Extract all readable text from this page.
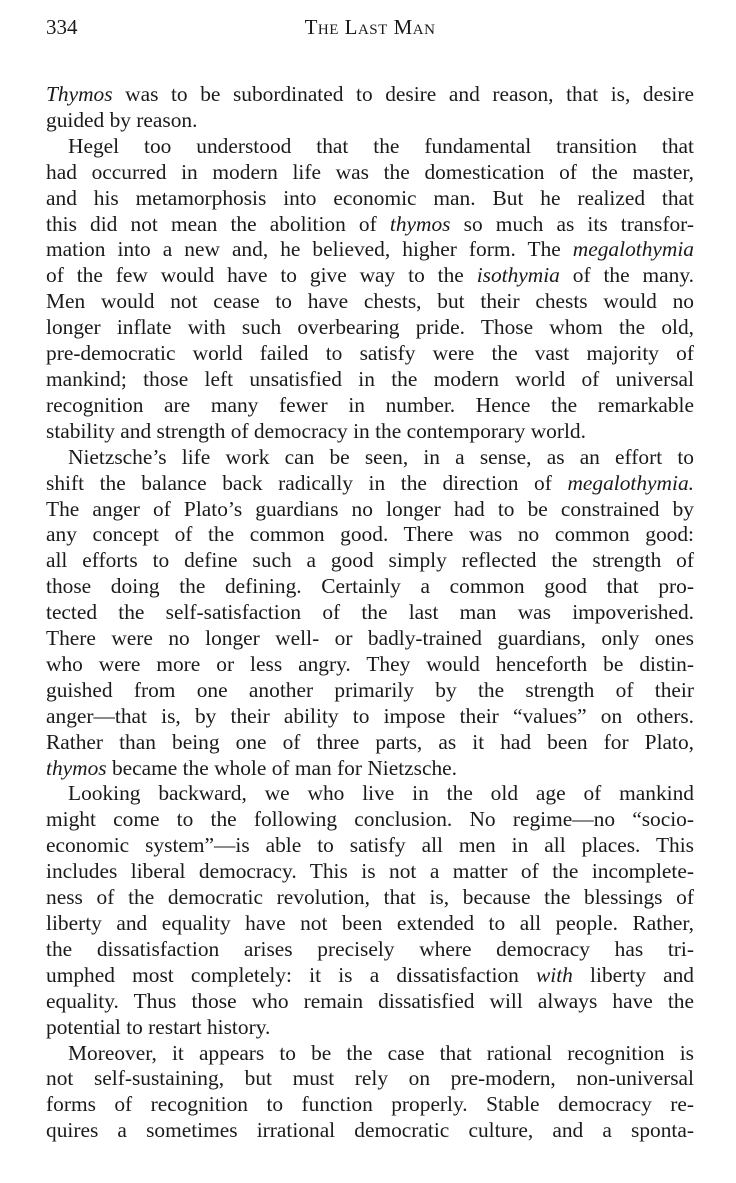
334	The Last Man
Thymos was to be subordinated to desire and reason, that is, desire
guided by reason.
Hegel too understood that the fundamental transition that
had occurred in modern life was the domestication of the master,
and his metamorphosis into economic man. But he realized that
this did not mean the abolition of thymos so much as its transfor-
mation into a new and, he believed, higher form. The megalothymia
of the few would have to give way to the isothymia of the many.
Men would not cease to have chests, but their chests would no
longer inflate with such overbearing pride. Those whom the old,
pre-democratic world failed to satisfy were the vast majority of
mankind; those left unsatisfied in the modern world of universal
recognition are many fewer in number. Hence the remarkable
stability and strength of democracy in the contemporary world.
Nietzsche’s life work can be seen, in a sense, as an effort to
shift the balance back radically in the direction of megalothymia.
The anger of Plato’s guardians no longer had to be constrained by
any concept of the common good. There was no common good:
all efforts to define such a good simply reflected the strength of
those doing the defining. Certainly a common good that pro-
tected the self-satisfaction of the last man was impoverished.
There were no longer well- or badly-trained guardians, only ones
who were more or less angry. They would henceforth be distin-
guished from one another primarily by the strength of their
anger—that is, by their ability to impose their “values” on others.
Rather than being one of three parts, as it had been for Plato,
thymos became the whole of man for Nietzsche.
Looking backward, we who live in the old age of mankind
might come to the following conclusion. No regime—no “socio-
economic system”—is able to satisfy all men in all places. This
includes liberal democracy. This is not a matter of the incomplete-
ness of the democratic revolution, that is, because the blessings of
liberty and equality have not been extended to all people. Rather,
the dissatisfaction arises precisely where democracy has tri-
umphed most completely: it is a dissatisfaction with liberty and
equality. Thus those who remain dissatisfied will always have the
potential to restart history.
Moreover, it appears to be the case that rational recognition is
not self-sustaining, but must rely on pre-modern, non-universal
forms of recognition to function properly. Stable democracy re-
quires a sometimes irrational democratic culture, and a sponta-
